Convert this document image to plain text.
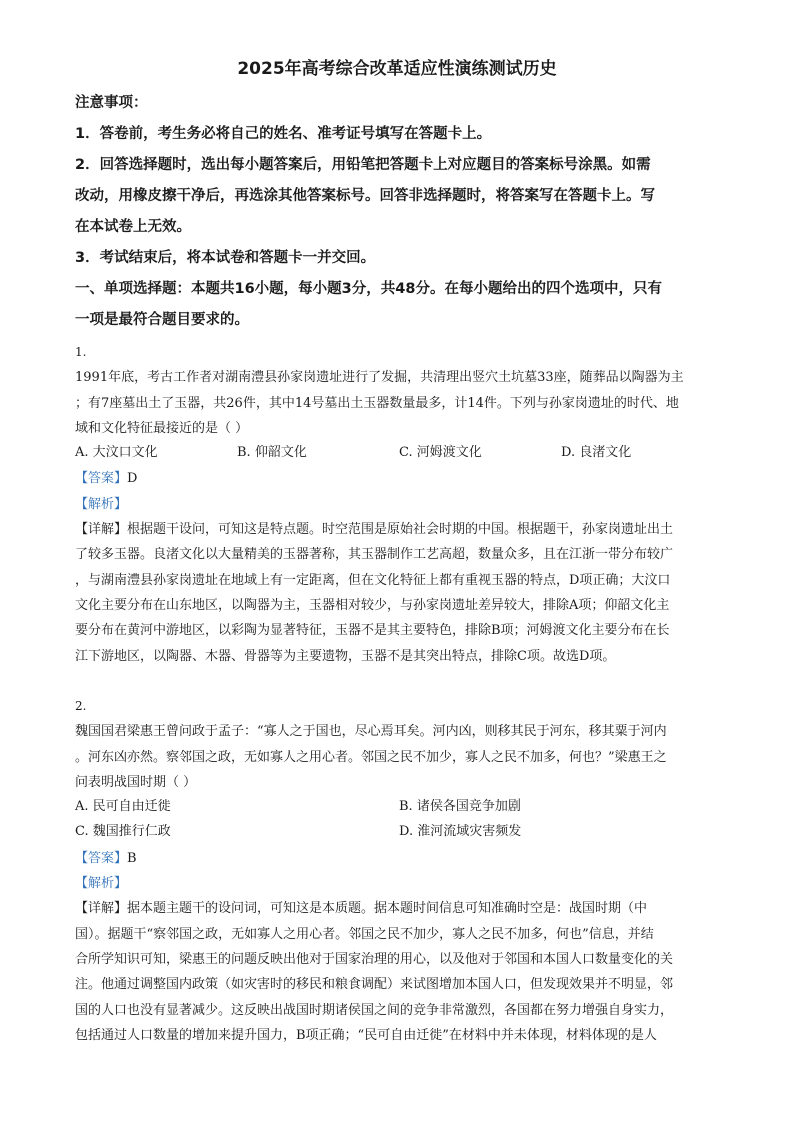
2025年高考综合改革适应性演练测试历史
注意事项：
1．答卷前，考生务必将自己的姓名、准考证号填写在答题卡上。
2．回答选择题时，选出每小题答案后，用铅笔把答题卡上对应题目的答案标号涂黑。如需
改动，用橡皮擦干净后，再选涂其他答案标号。回答非选择题时，将答案写在答题卡上。写
在本试卷上无效。
3．考试结束后，将本试卷和答题卡一并交回。
一、单项选择题：本题共16小题，每小题3分，共48分。在每小题给出的四个选项中，只有
一项是最符合题目要求的。
1.
1991年底，考古工作者对湖南澧县孙家岗遗址进行了发掘，共清理出竖穴土坑墓33座，随葬品以陶器为主
；有7座墓出土了玉器，共26件，其中14号墓出土玉器数量最多，计14件。下列与孙家岗遗址的时代、地
域和文化特征最接近的是（ ）
A. 大汶口文化	B. 仰韶文化	C. 河姆渡文化	D. 良渚文化
【答案】D
【解析】
【详解】根据题干设问，可知这是特点题。时空范围是原始社会时期的中国。根据题干，孙家岗遗址出土
了较多玉器。良渚文化以大量精美的玉器著称，其玉器制作工艺高超，数量众多，且在江浙一带分布较广
，与湖南澧县孙家岗遗址在地域上有一定距离，但在文化特征上都有重视玉器的特点，D项正确；大汶口
文化主要分布在山东地区，以陶器为主，玉器相对较少，与孙家岗遗址差异较大，排除A项；仰韶文化主
要分布在黄河中游地区，以彩陶为显著特征，玉器不是其主要特色，排除B项；河姆渡文化主要分布在长
江下游地区，以陶器、木器、骨器等为主要遗物，玉器不是其突出特点，排除C项。故选D项。
2.
魏国国君梁惠王曾问政于孟子：“寡人之于国也，尽心焉耳矣。河内凶，则移其民于河东，移其粟于河内
。河东凶亦然。察邻国之政，无如寡人之用心者。邻国之民不加少，寡人之民不加多，何也？”梁惠王之
问表明战国时期（ ）
A. 民可自由迁徙	B. 诸侯各国竞争加剧
C. 魏国推行仁政	D. 淮河流域灾害频发
【答案】B
【解析】
【详解】据本题主题干的设问词，可知这是本质题。据本题时间信息可知准确时空是：战国时期（中
国）。据题干“察邻国之政，无如寡人之用心者。邻国之民不加少，寡人之民不加多，何也”信息，并结
合所学知识可知，梁惠王的问题反映出他对于国家治理的用心，以及他对于邻国和本国人口数量变化的关
注。他通过调整国内政策（如灾害时的移民和粮食调配）来试图增加本国人口，但发现效果并不明显，邻
国的人口也没有显著减少。这反映出战国时期诸侯国之间的竞争非常激烈，各国都在努力增强自身实力，
包括通过人口数量的增加来提升国力，B项正确；“民可自由迁徙”在材料中并未体现，材料体现的是人
